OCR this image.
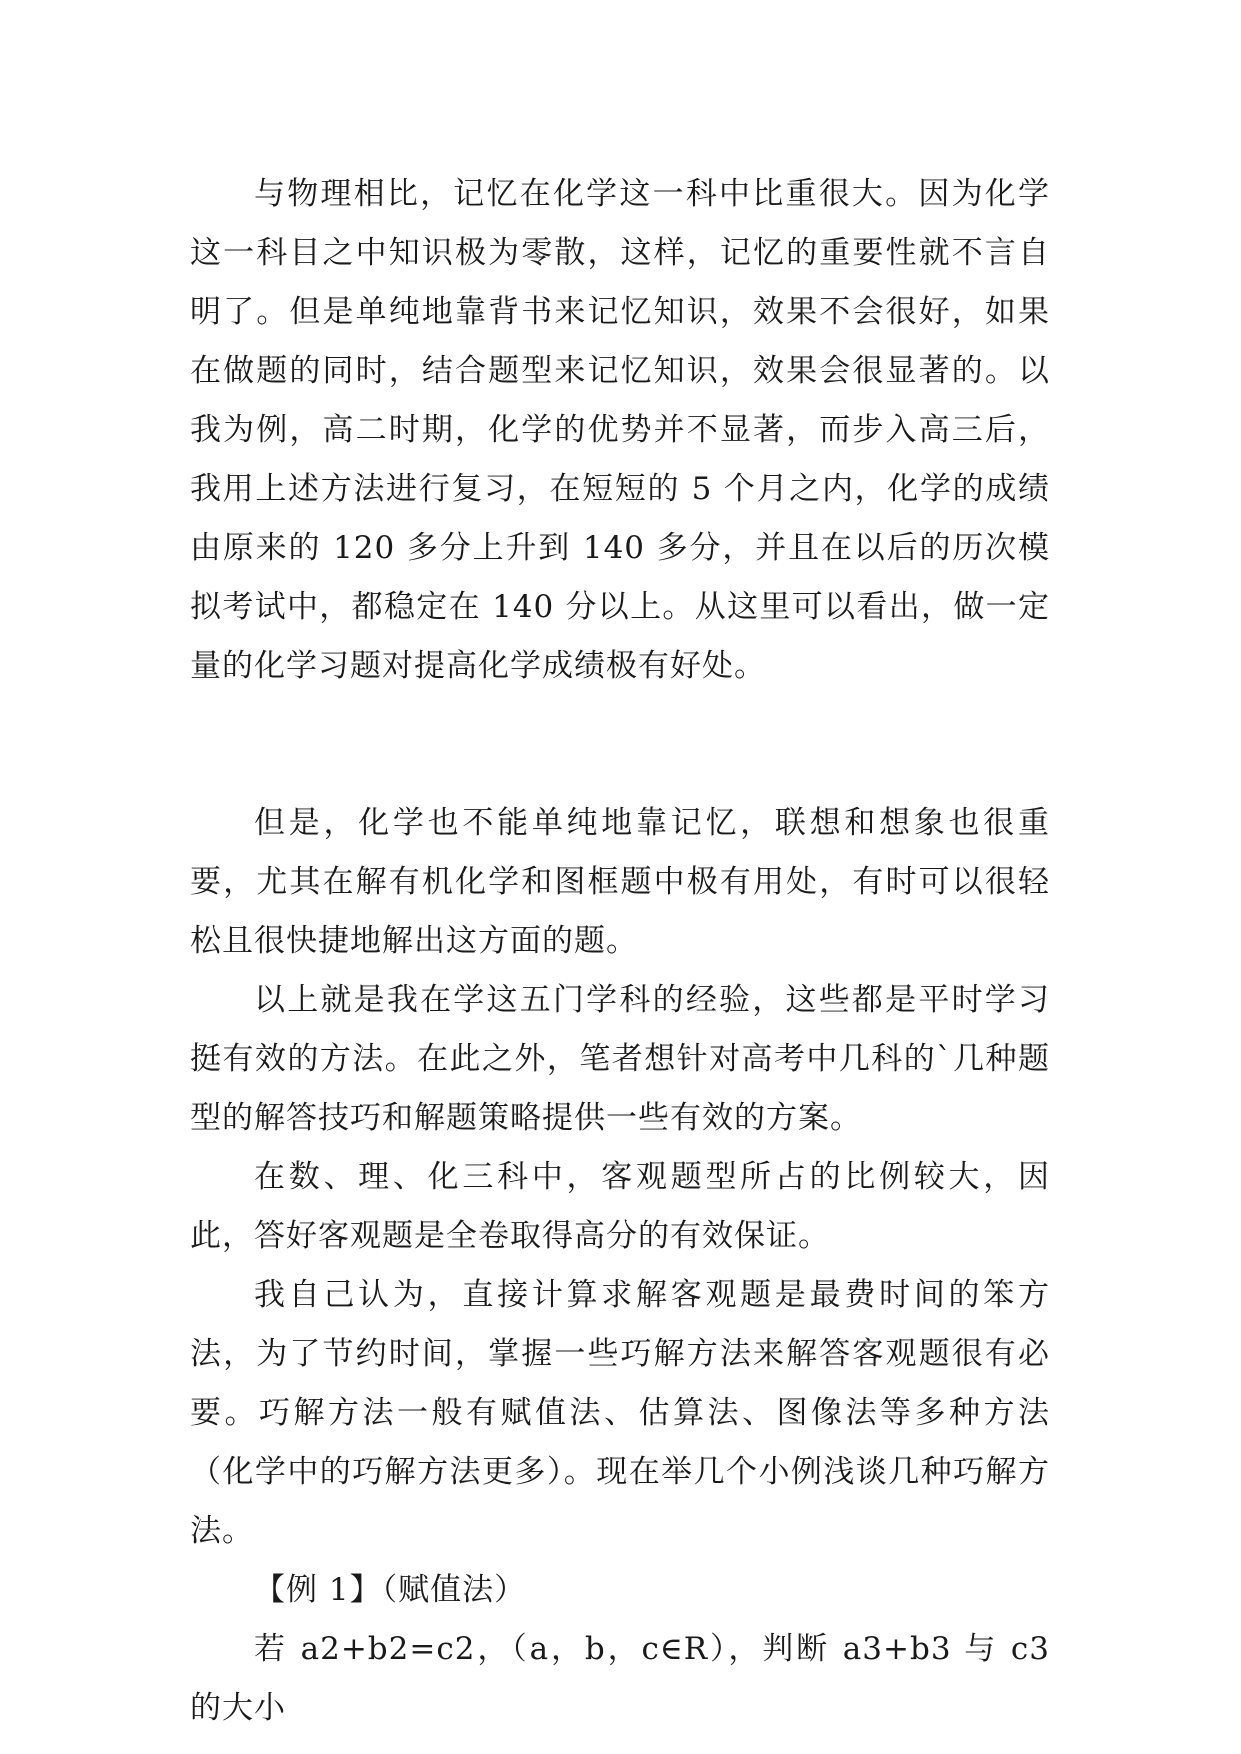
与物理相比，记忆在化学这一科中比重很大。因为化学这一科目之中知识极为零散，这样，记忆的重要性就不言自明了。但是单纯地靠背书来记忆知识，效果不会很好，如果在做题的同时，结合题型来记忆知识，效果会很显著的。以我为例，高二时期，化学的优势并不显著，而步入高三后，我用上述方法进行复习，在短短的 5 个月之内，化学的成绩由原来的 120 多分上升到 140 多分，并且在以后的历次模拟考试中，都稳定在 140 分以上。从这里可以看出，做一定量的化学习题对提高化学成绩极有好处。

但是，化学也不能单纯地靠记忆，联想和想象也很重要，尤其在解有机化学和图框题中极有用处，有时可以很轻松且很快捷地解出这方面的题。

以上就是我在学这五门学科的经验，这些都是平时学习挺有效的方法。在此之外，笔者想针对高考中几科的`几种题型的解答技巧和解题策略提供一些有效的方案。

在数、理、化三科中，客观题型所占的比例较大，因此，答好客观题是全卷取得高分的有效保证。

我自己认为，直接计算求解客观题是最费时间的笨方法，为了节约时间，掌握一些巧解方法来解答客观题很有必要。巧解方法一般有赋值法、估算法、图像法等多种方法（化学中的巧解方法更多）。现在举几个小例浅谈几种巧解方法。

【例 1】（赋值法）

若 a2+b2=c2，（a，b，c∈R），判断 a3+b3 与 c3 的大小
